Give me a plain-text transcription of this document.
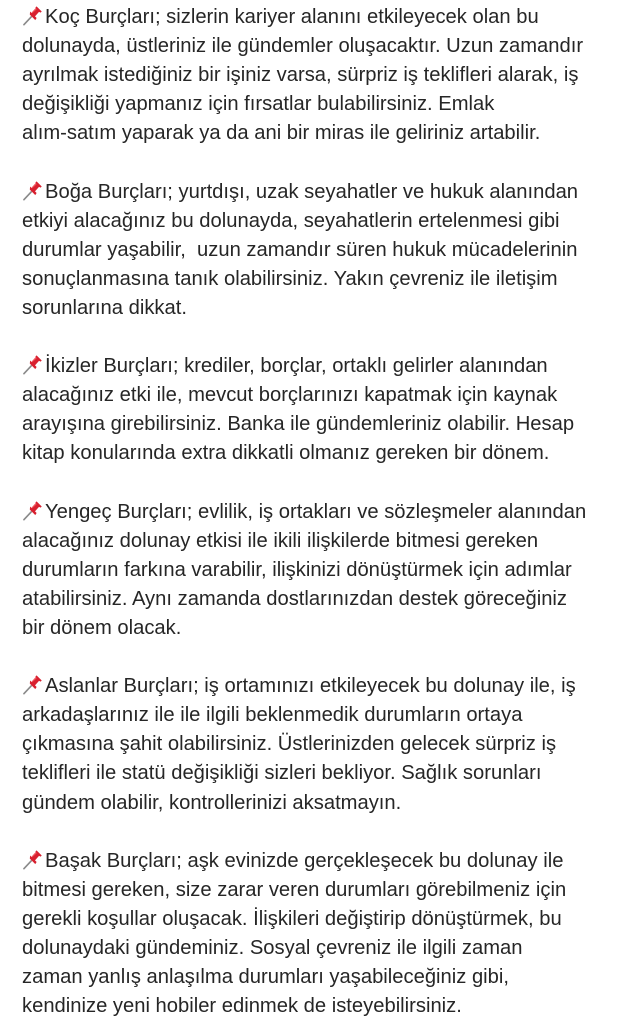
Koç Burçları; sizlerin kariyer alanını etkileyecek olan bu
dolunayda, üstleriniz ile gündemler oluşacaktır. Uzun zamandır
ayrılmak istediğiniz bir işiniz varsa, sürpriz iş teklifleri alarak, iş
değişikliği yapmanız için fırsatlar bulabilirsiniz. Emlak
alım-satım yaparak ya da ani bir miras ile geliriniz artabilir.

Boğa Burçları; yurtdışı, uzak seyahatler ve hukuk alanından
etkiyi alacağınız bu dolunayda, seyahatlerin ertelenmesi gibi
durumlar yaşabilir,  uzun zamandır süren hukuk mücadelerinin
sonuçlanmasına tanık olabilirsiniz. Yakın çevreniz ile iletişim
sorunlarına dikkat.

İkizler Burçları; krediler, borçlar, ortaklı gelirler alanından
alacağınız etki ile, mevcut borçlarınızı kapatmak için kaynak
arayışına girebilirsiniz. Banka ile gündemleriniz olabilir. Hesap
kitap konularında extra dikkatli olmanız gereken bir dönem.

Yengeç Burçları; evlilik, iş ortakları ve sözleşmeler alanından
alacağınız dolunay etkisi ile ikili ilişkilerde bitmesi gereken
durumların farkına varabilir, ilişkinizi dönüştürmek için adımlar
atabilirsiniz. Aynı zamanda dostlarınızdan destek göreceğiniz
bir dönem olacak.

Aslanlar Burçları; iş ortamınızı etkileyecek bu dolunay ile, iş
arkadaşlarınız ile ile ilgili beklenmedik durumların ortaya
çıkmasına şahit olabilirsiniz. Üstlerinizden gelecek sürpriz iş
teklifleri ile statü değişikliği sizleri bekliyor. Sağlık sorunları
gündem olabilir, kontrollerinizi aksatmayın.

Başak Burçları; aşk evinizde gerçekleşecek bu dolunay ile
bitmesi gereken, size zarar veren durumları görebilmeniz için
gerekli koşullar oluşacak. İlişkileri değiştirip dönüştürmek, bu
dolunaydaki gündeminiz. Sosyal çevreniz ile ilgili zaman
zaman yanlış anlaşılma durumları yaşabileceğiniz gibi,
kendinize yeni hobiler edinmek de isteyebilirsiniz.
